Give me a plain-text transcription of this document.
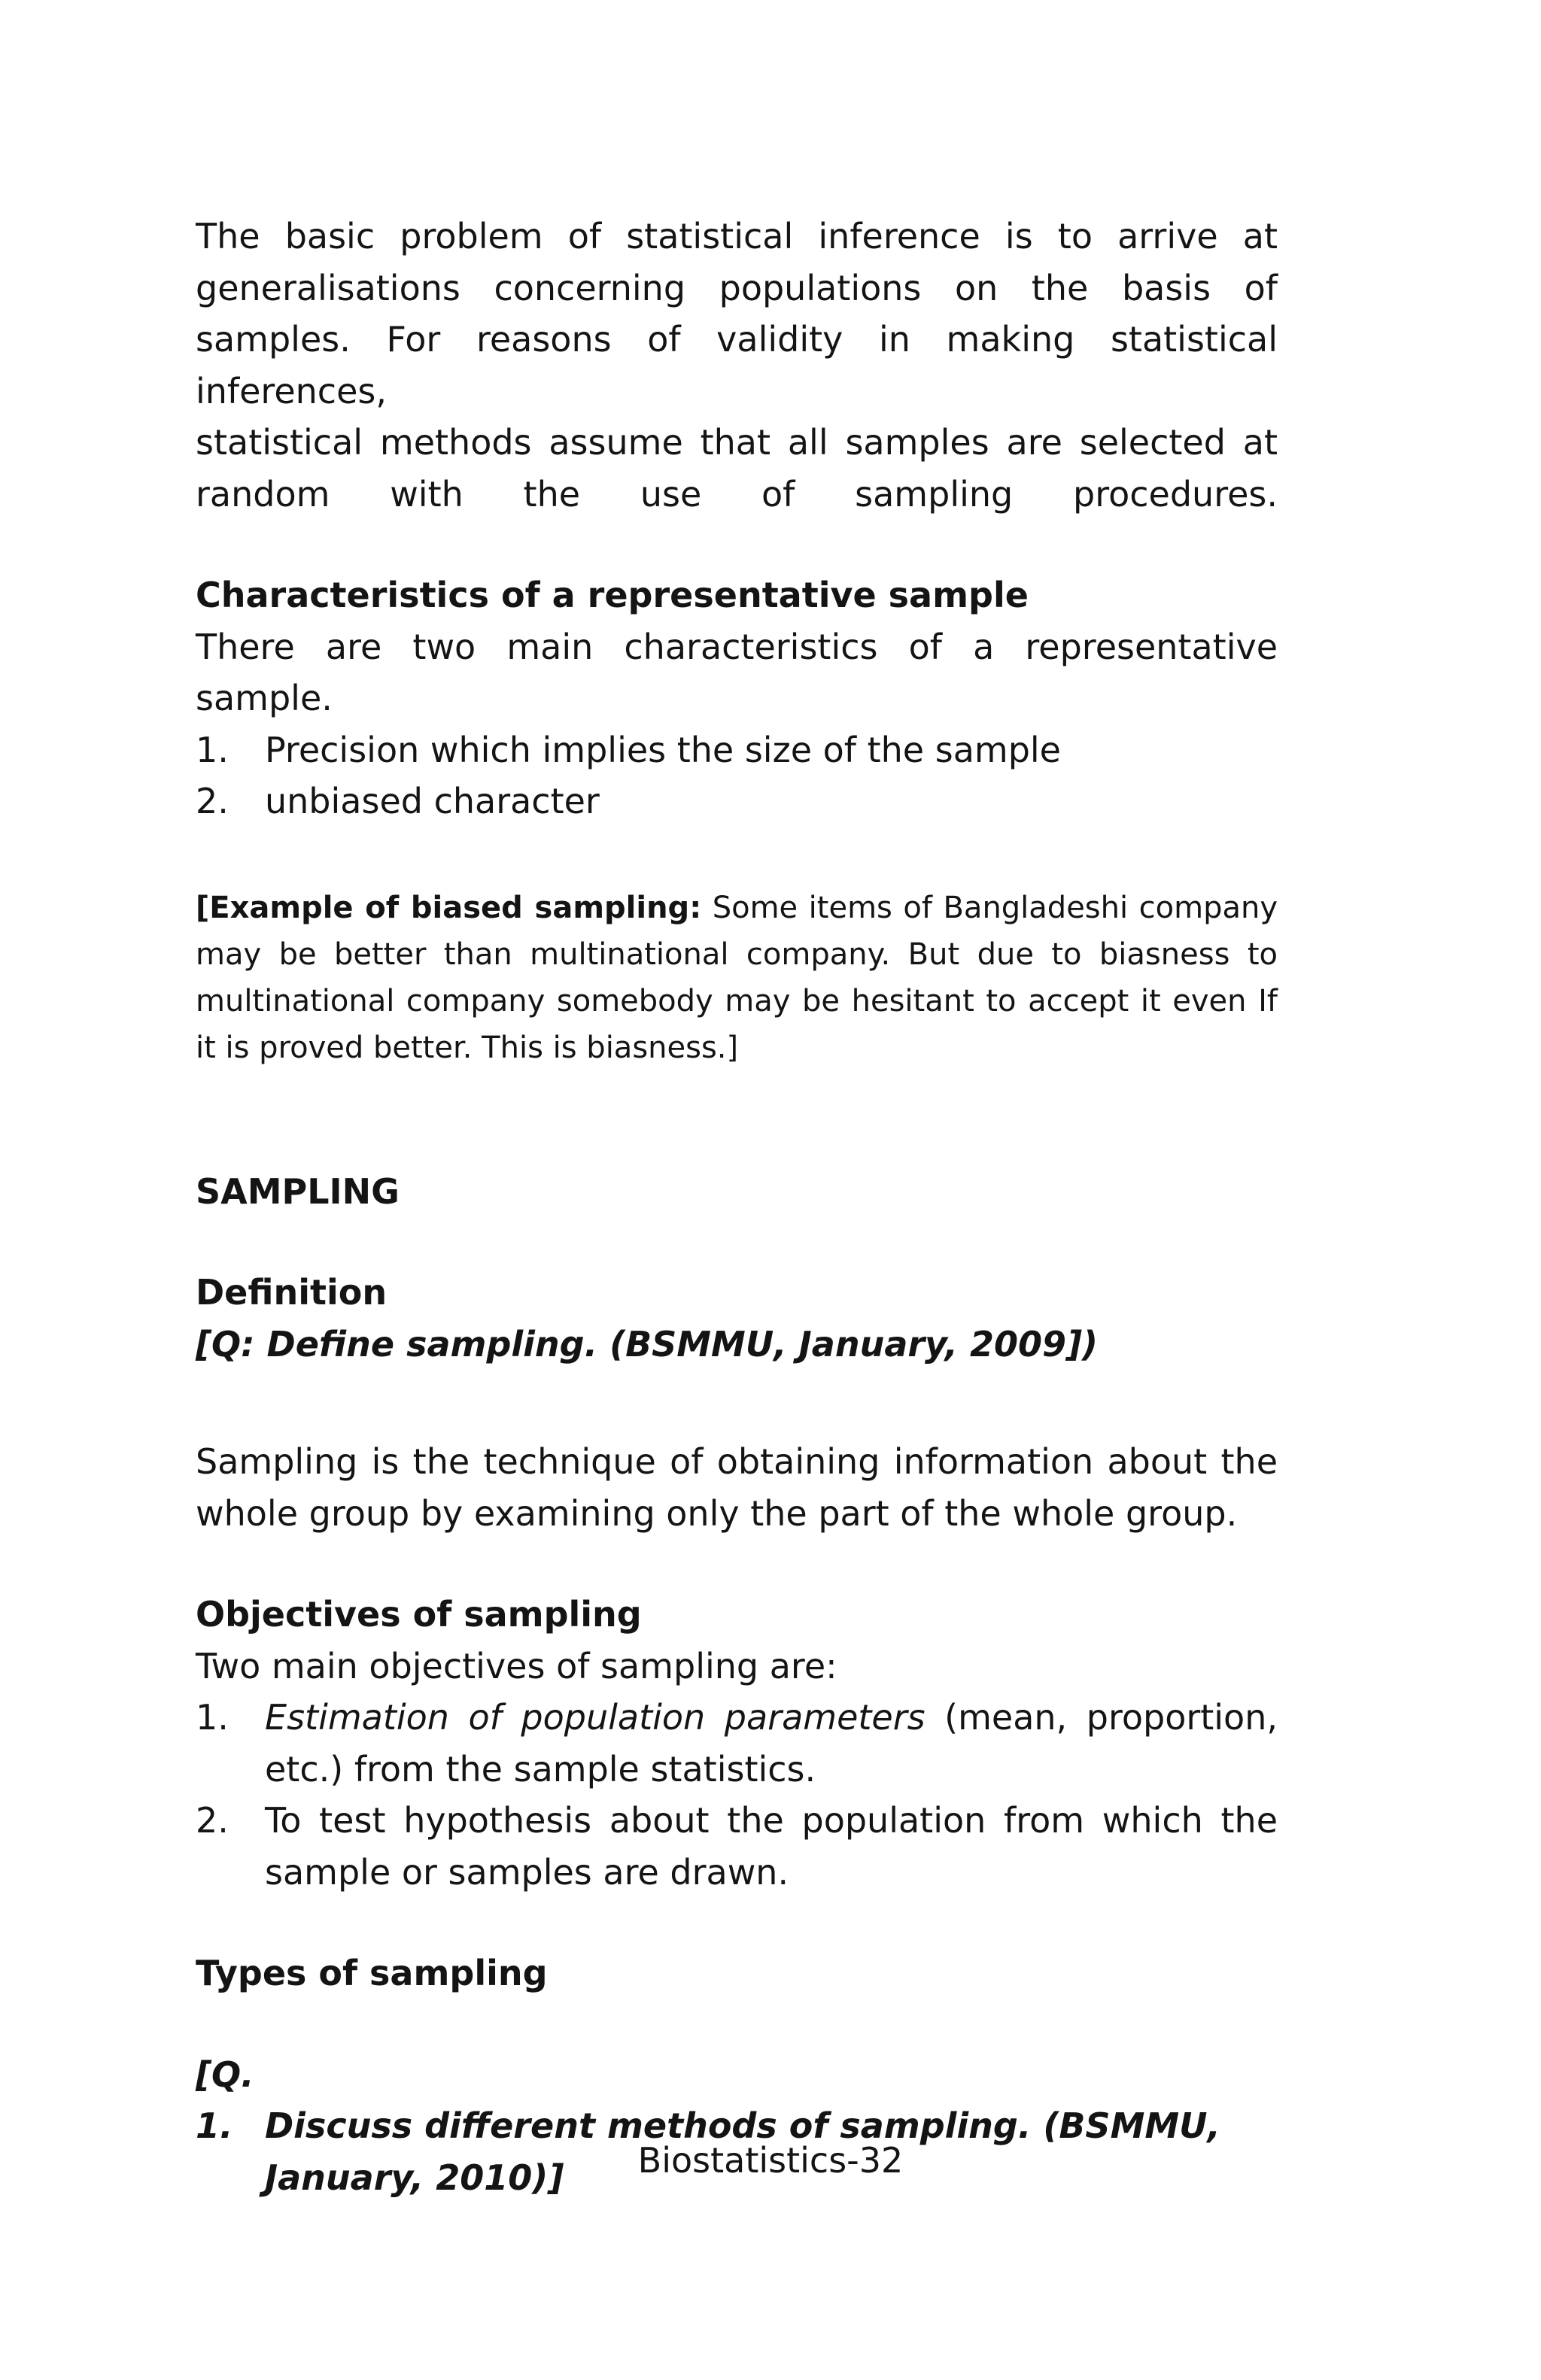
The basic problem of statistical inference is to arrive at

generalisations concerning populations on the basis of

samples. For reasons of validity in making statistical inferences,

statistical methods assume that all samples are selected at

random with the use of sampling procedures.

Characteristics of a representative sample

There are two main characteristics of a representative sample.

1. Precision which implies the size of the sample
2. unbiased character

[Example of biased sampling: Some items of Bangladeshi company may be better than multinational company. But due to biasness to multinational company somebody may be hesitant to accept it even If it is proved better. This is biasness.]

SAMPLING
Definition

[Q: Define sampling. (BSMMU, January, 2009])

Sampling is the technique of obtaining information about the whole group by examining only the part of the whole group.

Objectives of sampling

Two main objectives of sampling are:

1. Estimation of population parameters (mean, proportion, etc.) from the sample statistics.
2. To test hypothesis about the population from which the sample or samples are drawn.
Types of sampling

[Q.

1. Discuss different methods of sampling. (BSMMU, January, 2010)]	Biostatistics-32
